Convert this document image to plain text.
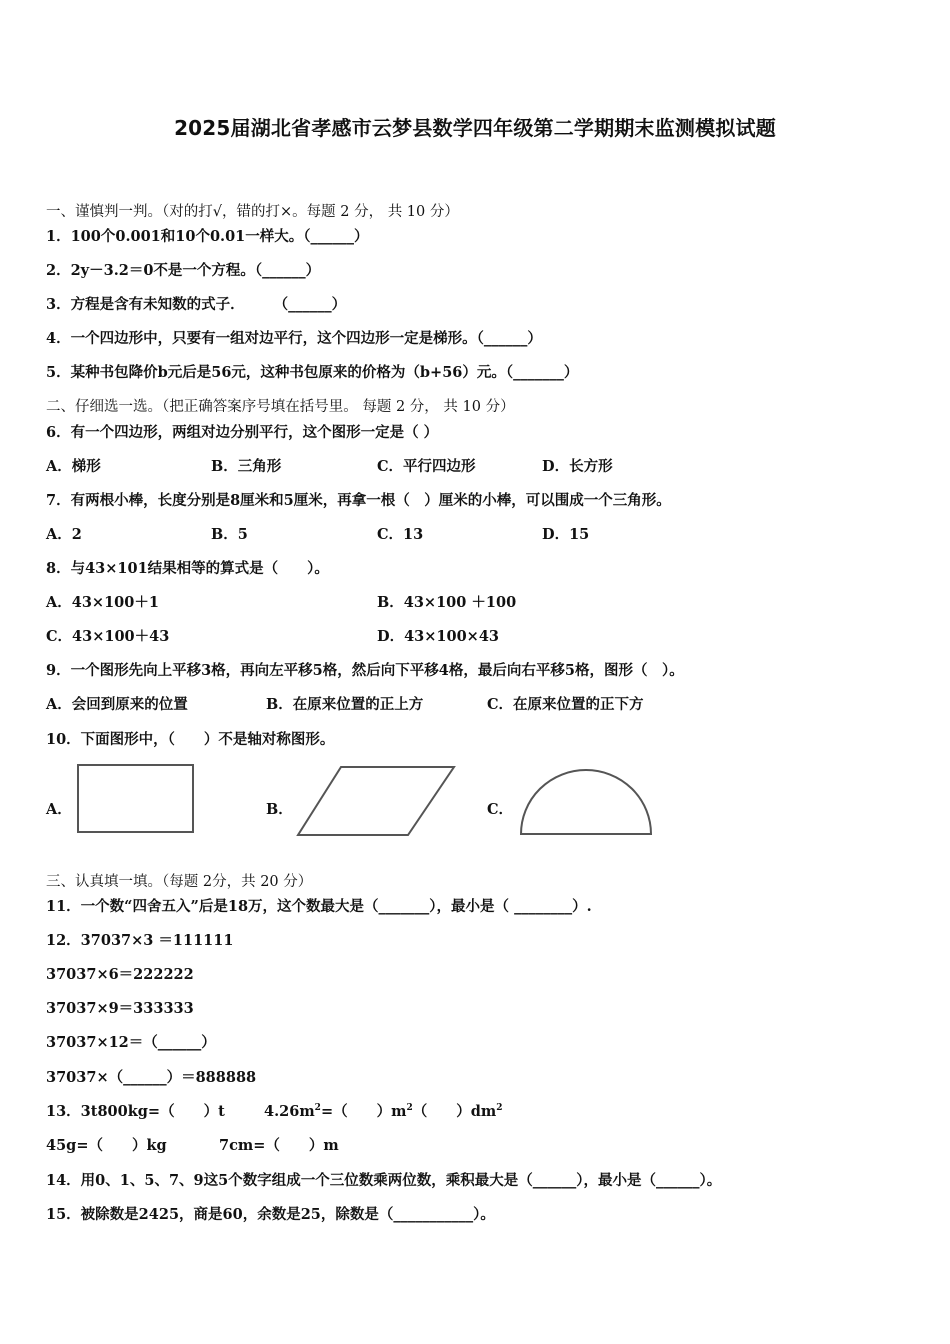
2025届湖北省孝感市云梦县数学四年级第二学期期末监测模拟试题
一、谨慎判一判。（对的打√，错的打×。每题 2 分， 共 10 分）
1．100个0.001和10个0.01一样大。（______）
2．2y－3.2＝0不是一个方程。（______）
3．方程是含有未知数的式子．　　　（______）
4．一个四边形中，只要有一组对边平行，这个四边形一定是梯形。（______）
5．某种书包降价b元后是56元，这种书包原来的价格为（b+56）元。（_______）
二、仔细选一选。（把正确答案序号填在括号里。 每题 2 分， 共 10 分）
6．有一个四边形，两组对边分别平行，这个图形一定是（ ）
A．梯形	B．三角形	C．平行四边形	D．长方形
7．有两根小棒，长度分别是8厘米和5厘米，再拿一根（　）厘米的小棒，可以围成一个三角形。
A．2	B．5	C．13	D．15
8．与43×101结果相等的算式是（　　）。
A．43×100＋1	B．43×100 ＋100
C．43×100＋43	D．43×100×43
9．一个图形先向上平移3格，再向左平移5格，然后向下平移4格，最后向右平移5格，图形（　）。
A．会回到原来的位置	B．在原来位置的正上方	C．在原来位置的正下方
10．下面图形中，（　　）不是轴对称图形。
A．	B．	C．
三、认真填一填。（每题 2分，共 20 分）
11．一个数“四舍五入”后是18万，这个数最大是（_______），最小是（ ________）.
12．37037×3 ＝111111
37037×6＝222222
37037×9＝333333
37037×12＝（______）
37037×（______）＝888888
13．3t800kg=（　　）t	$4.26m^2=$（　　）$m^2$（　　）$dm^2$
45g=（　　）kg	7cm=（　　）m
14．用0、1、5、7、9这5个数字组成一个三位数乘两位数，乘积最大是（______），最小是（______）。
15．被除数是2425，商是60，余数是25，除数是（___________）。
